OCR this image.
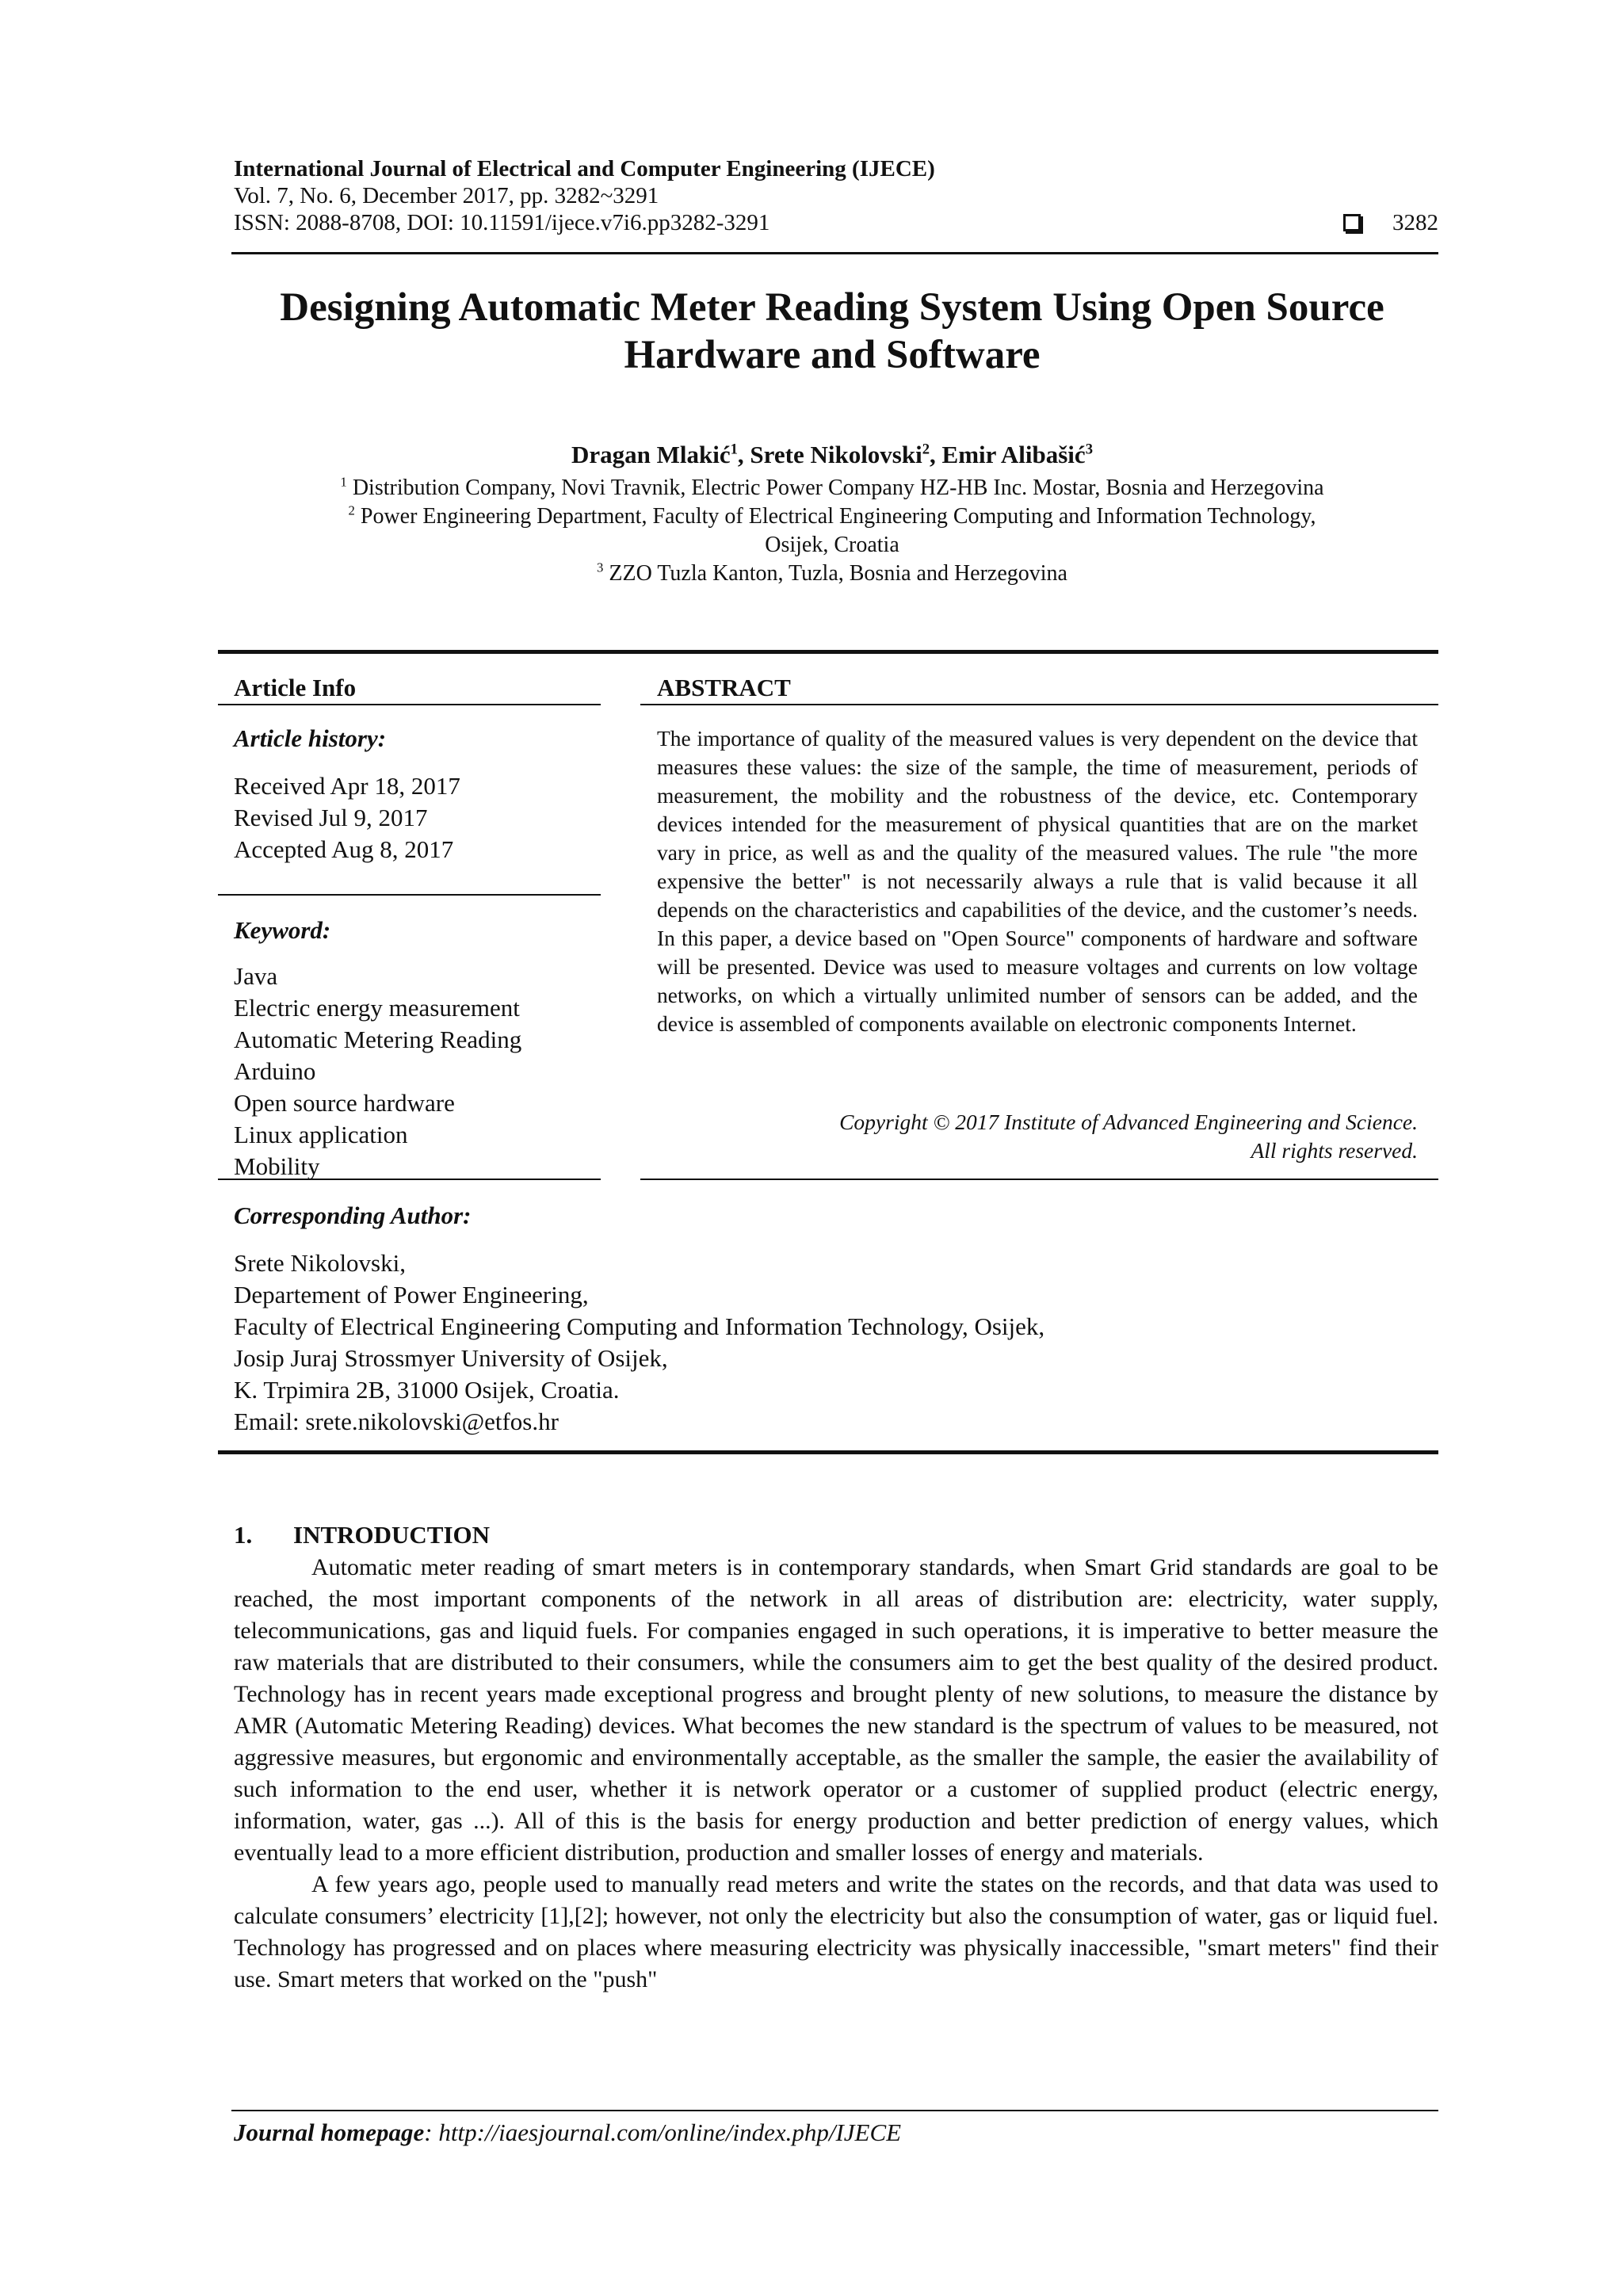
International Journal of Electrical and Computer Engineering (IJECE)
Vol. 7, No. 6, December 2017, pp. 3282~3291
ISSN: 2088-8708, DOI: 10.11591/ijece.v7i6.pp3282-3291	3282
Designing Automatic Meter Reading System Using Open Source
Hardware and Software
Dragan Mlakić$^1$, Srete Nikolovski$^2$, Emir Alibašić$^3$
$^1$ Distribution Company, Novi Travnik, Electric Power Company HZ-HB Inc. Mostar, Bosnia and Herzegovina
$^2$ Power Engineering Department, Faculty of Electrical Engineering Computing and Information Technology,
Osijek, Croatia
$^3$ ZZO Tuzla Kanton, Tuzla, Bosnia and Herzegovina
Article Info
Article history:
Received Apr 18, 2017
Revised Jul 9, 2017
Accepted Aug 8, 2017
Keyword:
Java
Electric energy measurement
Automatic Metering Reading
Arduino
Open source hardware
Linux application
Mobility
ABSTRACT
The importance of quality of the measured values is very dependent on the device that measures these values: the size of the sample, the time of measurement, periods of measurement, the mobility and the robustness of the device, etc. Contemporary devices intended for the measurement of physical quantities that are on the market vary in price, as well as and the quality of the measured values. The rule "the more expensive the better" is not necessarily always a rule that is valid because it all depends on the characteristics and capabilities of the device, and the customer’s needs. In this paper, a device based on "Open Source" components of hardware and software will be presented. Device was used to measure voltages and currents on low voltage networks, on which a virtually unlimited number of sensors can be added, and the device is assembled of components available on electronic components Internet.
Copyright © 2017 Institute of Advanced Engineering and Science.
All rights reserved.
Corresponding Author:
Srete Nikolovski,
Departement of Power Engineering,
Faculty of Electrical Engineering Computing and Information Technology, Osijek,
Josip Juraj Strossmyer University of Osijek,
K. Trpimira 2B, 31000 Osijek, Croatia.
Email: srete.nikolovski@etfos.hr
1. INTRODUCTION

Automatic meter reading of smart meters is in contemporary standards, when Smart Grid standards are goal to be reached, the most important components of the network in all areas of distribution are: electricity, water supply, telecommunications, gas and liquid fuels. For companies engaged in such operations, it is imperative to better measure the raw materials that are distributed to their consumers, while the consumers aim to get the best quality of the desired product. Technology has in recent years made exceptional progress and brought plenty of new solutions, to measure the distance by AMR (Automatic Metering Reading) devices. What becomes the new standard is the spectrum of values to be measured, not aggressive measures, but ergonomic and environmentally acceptable, as the smaller the sample, the easier the availability of such information to the end user, whether it is network operator or a customer of supplied product (electric energy, information, water, gas ...). All of this is the basis for energy production and better prediction of energy values, which eventually lead to a more efficient distribution, production and smaller losses of energy and materials.

A few years ago, people used to manually read meters and write the states on the records, and that data was used to calculate consumers’ electricity [1],[2]; however, not only the electricity but also the consumption of water, gas or liquid fuel. Technology has progressed and on places where measuring electricity was physically inaccessible, "smart meters" find their use. Smart meters that worked on the "push"

Journal homepage: http://iaesjournal.com/online/index.php/IJECE
